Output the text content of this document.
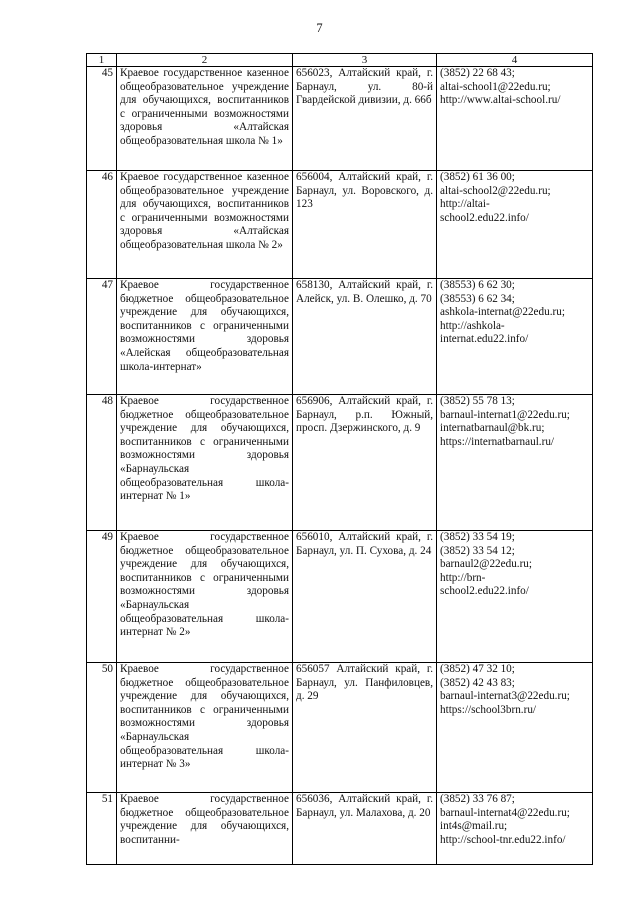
7
1	2	3	4
45	Краевое государственное казенное общеобразовательное учреждение для обучающихся, воспитанников с ограниченными возможностями здоровья «Алтайская общеобразовательная школа № 1»	656023, Алтайский край, г. Барнаул, ул. 80-й Гвардейской дивизии, д. 66б	(3852) 22 68 43;
altai-school1@22edu.ru;
http://www.altai-school.ru/

46	Краевое государственное казенное общеобразовательное учреждение для обучающихся, воспитанников с ограниченными возможностями здоровья «Алтайская общеобразовательная школа № 2»	656004, Алтайский край, г. Барнаул, ул. Воровского, д. 123	(3852) 61 36 00;
altai-school2@22edu.ru;
http://altai-
school2.edu22.info/

47	Краевое государственное бюджетное общеобразовательное учреждение для обучающихся, воспитанников с ограниченными возможностями здоровья «Алейская общеобразовательная школа-интернат»	658130, Алтайский край, г. Алейск, ул. В. Олешко, д. 70	(38553) 6 62 30;
(38553) 6 62 34;
ashkola-internat@22edu.ru;
http://ashkola-
internat.edu22.info/

48	Краевое государственное бюджетное общеобразовательное учреждение для обучающихся, воспитанников с ограниченными возможностями здоровья «Барнаульская общеобразовательная школа-интернат № 1»	656906, Алтайский край, г. Барнаул, р.п. Южный, просп. Дзержинского, д. 9	(3852) 55 78 13;
barnaul-internat1@22edu.ru;
internatbarnaul@bk.ru;
https://internatbarnaul.ru/

49	Краевое государственное бюджетное общеобразовательное учреждение для обучающихся, воспитанников с ограниченными возможностями здоровья «Барнаульская общеобразовательная школа-интернат № 2»	656010, Алтайский край, г. Барнаул, ул. П. Сухова, д. 24	(3852) 33 54 19;
(3852) 33 54 12;
barnaul2@22edu.ru;
http://brn-
school2.edu22.info/

50	Краевое государственное бюджетное общеобразовательное учреждение для обучающихся, воспитанников с ограниченными возможностями здоровья «Барнаульская общеобразовательная школа-интернат № 3»	656057 Алтайский край, г. Барнаул, ул. Панфиловцев, д. 29	(3852) 47 32 10;
(3852) 42 43 83;
barnaul-internat3@22edu.ru;
https://school3brn.ru/

51	Краевое государственное бюджетное общеобразовательное учреждение для обучающихся, воспитанни-	656036, Алтайский край, г. Барнаул, ул. Малахова, д. 20	(3852) 33 76 87;
barnaul-internat4@22edu.ru;
int4s@mail.ru;
http://school-tnr.edu22.info/
